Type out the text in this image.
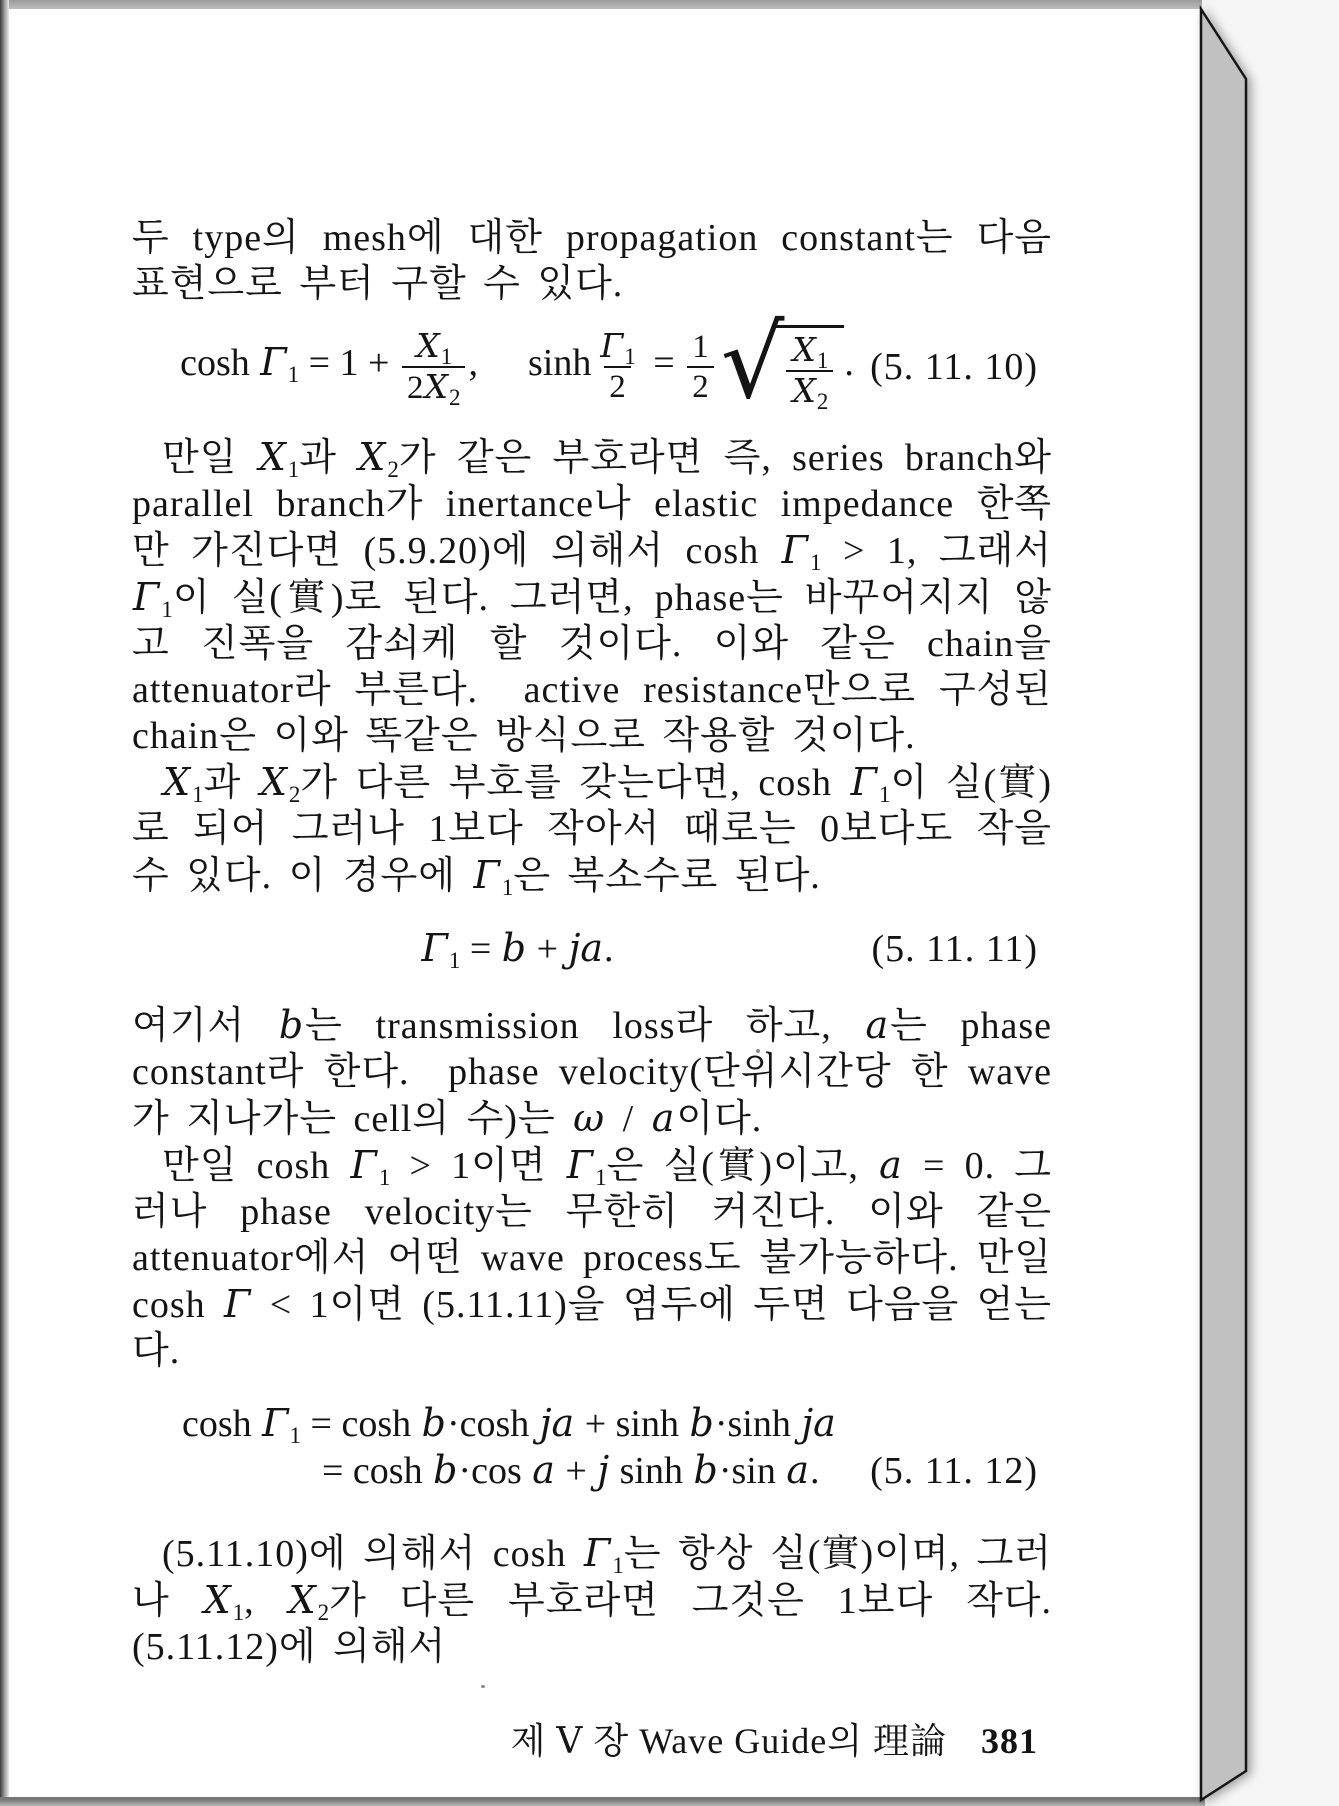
두 type의 mesh에 대한 propagation constant는 다음 표현으로 부터 구할 수 있다.

$\cosh \Gamma_1 = 1 + \frac{X_1}{2X_2}$ , $\sinh \frac{\Gamma_1}{2} = \frac{1}{2}$ √ $\frac{X_1}{X_2}$ . (5. 11. 10)

만일 $X_1$과 $X_2$가 같은 부호라면 즉, series branch와 parallel branch가 inertance나 elastic impedance 한쪽만 가진다면 (5.9.20)에 의해서 $\cosh \Gamma_1 > 1$, 그래서 $\Gamma_1$이 실(實)로 된다. 그러면, phase는 바꾸어지지 않고 진폭을 감쇠케 할 것이다. 이와 같은 chain을 attenuator라 부른다.  active resistance만으로 구성된 chain은 이와 똑같은 방식으로 작용할 것이다.

$X_1$과 $X_2$가 다른 부호를 갖는다면, $\cosh \Gamma_1$이 실(實)로 되어 그러나 1보다 작아서 때로는 0보다도 작을 수 있다. 이 경우에 $\Gamma_1$은 복소수로 된다.

$\Gamma_1 = b$ + ja.	(5. 11. 11)

여기서 b는 transmission loss라 하고, a는 phase constant라 한다.  phase velocity(단위시간당 한 wave가 지나가는 cell의 수)는 ω / a이다.

만일 $\cosh \Gamma_1 > 1$이면 $\Gamma_1$은 실(實)이고, a = 0. 그러나 phase velocity는 무한히 커진다. 이와 같은 attenuator에서 어떤 wave process도 불가능하다. 만일 cosh Γ < 1이면 (5.11.11)을 염두에 두면 다음을 얻는다.

$\cosh \Gamma_1 = \cosh b\cdot\cosh$ ja + sinh b·sinh ja
= cosh b·cos a + j sinh b·sin a.	(5. 11. 12)

(5.11.10)에 의해서 $\cosh \Gamma_1$는 항상 실(實)이며, 그러나 $X_1$, $X_2$가 다른 부호라면 그것은 1보다 작다. (5.11.12)에 의해서

제 Ⅴ 장 Wave Guide의 理論 381
